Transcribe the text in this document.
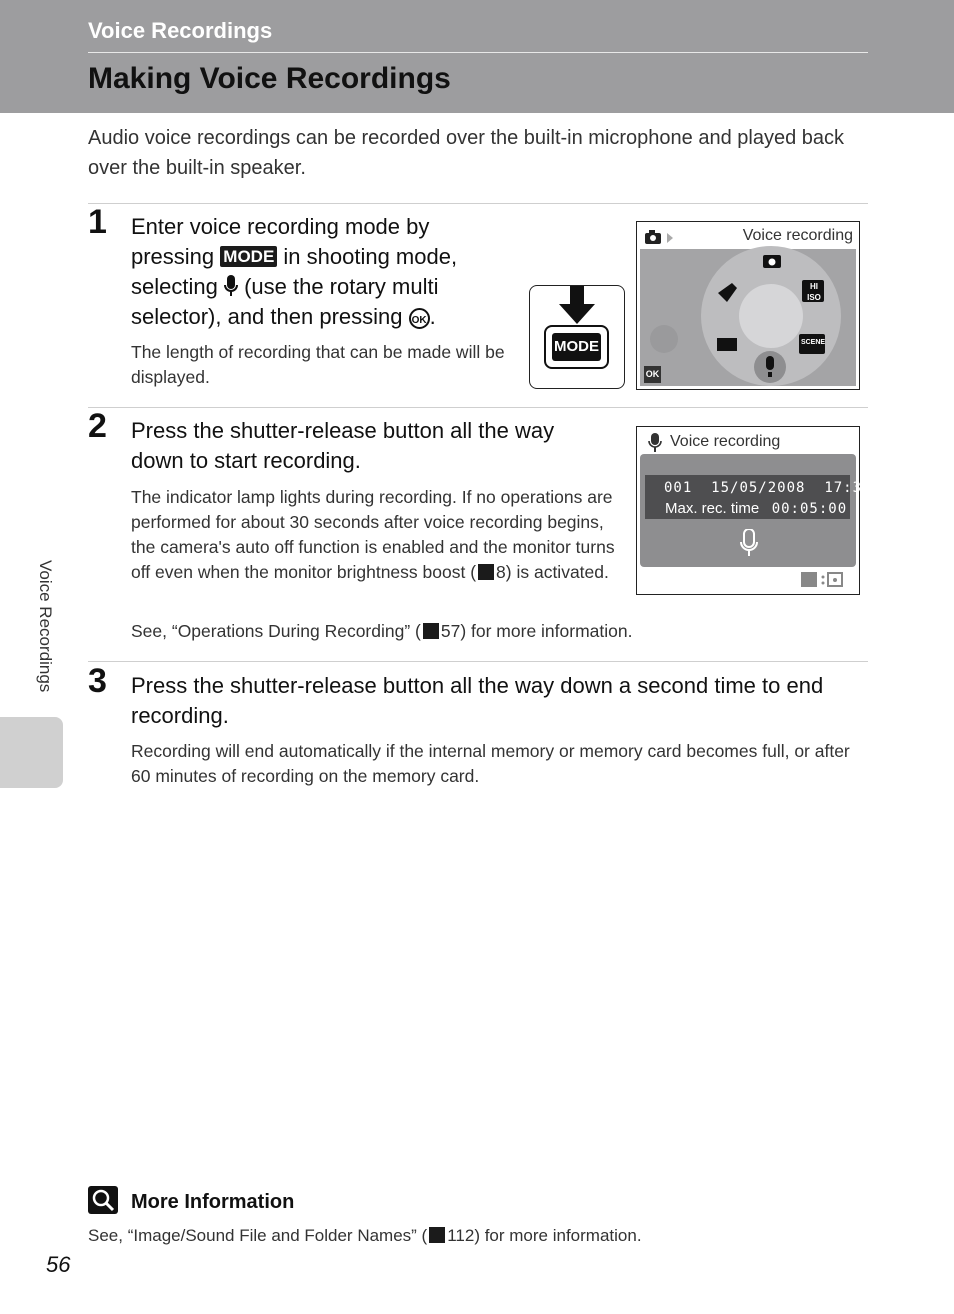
Voice Recordings
Making Voice Recordings
Audio voice recordings can be recorded over the built-in microphone and played back over the built-in speaker.
1 Enter voice recording mode by pressing MODE in shooting mode, selecting  (use the rotary multi selector), and then pressing OK .
The length of recording that can be made will be displayed.
MODE
Voice recording
HI ISO
SCENE
OK
2 Press the shutter-release button all the way down to start recording.
The indicator lamp lights during recording. If no operations are performed for about 30 seconds after voice recording begins, the camera's auto off function is enabled and the monitor turns off even when the monitor brightness boost ( 8) is activated.
See, “Operations During Recording” ( 57) for more information.
Voice recording
001 15/05/2008 17:30
Max. rec. time 00:05:00
3 Press the shutter-release button all the way down a second time to end recording.
Recording will end automatically if the internal memory or memory card becomes full, or after 60 minutes of recording on the memory card.
Voice Recordings
More Information
See, “Image/Sound File and Folder Names” ( 112) for more information.
56
